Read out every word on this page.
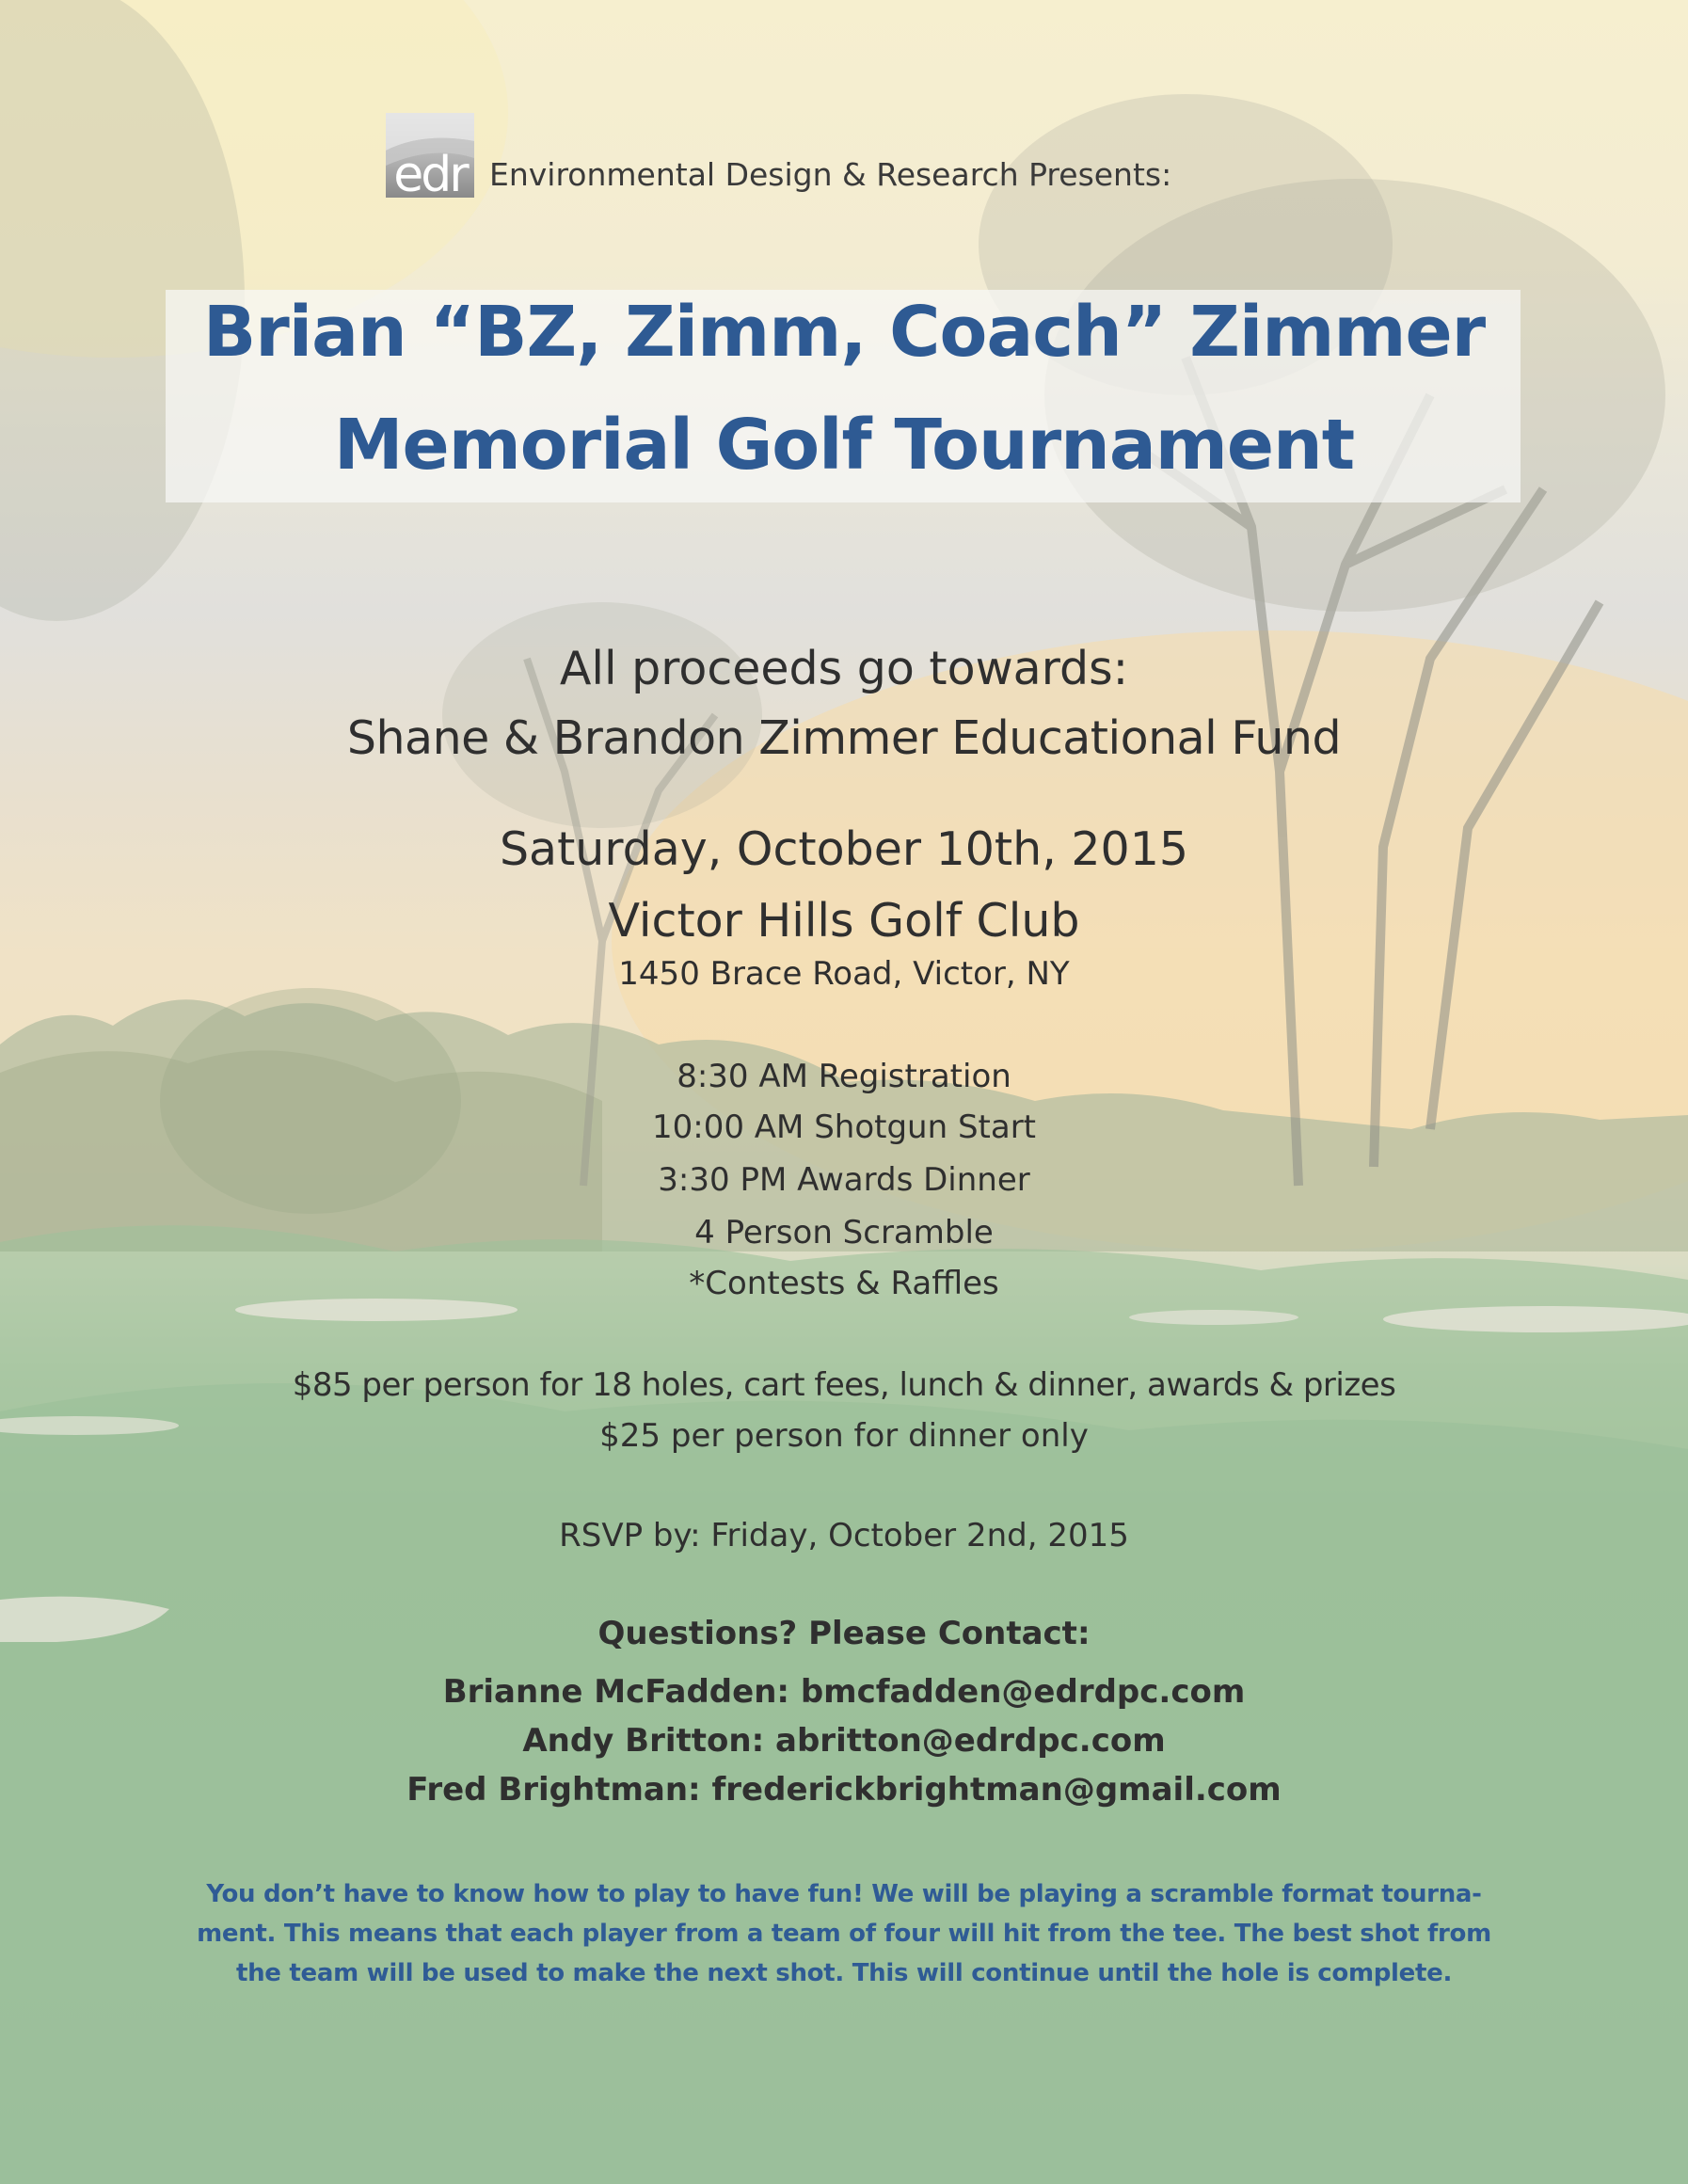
edr Environmental Design & Research Presents:
Brian “BZ, Zimm, Coach” Zimmer
Memorial Golf Tournament

All proceeds go towards:

Shane & Brandon Zimmer Educational Fund

Saturday, October 10th, 2015

Victor Hills Golf Club

1450 Brace Road, Victor, NY

8:30 AM Registration

10:00 AM Shotgun Start

3:30 PM Awards Dinner

4 Person Scramble

*Contests & Raffles

$85 per person for 18 holes, cart fees, lunch & dinner, awards & prizes

$25 per person for dinner only

RSVP by: Friday, October 2nd, 2015

Questions? Please Contact:

Brianne McFadden: bmcfadden@edrdpc.com

Andy Britton: abritton@edrdpc.com

Fred Brightman: frederickbrightman@gmail.com

You don’t have to know how to play to have fun! We will be playing a scramble format tourna-

ment. This means that each player from a team of four will hit from the tee. The best shot from

the team will be used to make the next shot. This will continue until the hole is complete.
